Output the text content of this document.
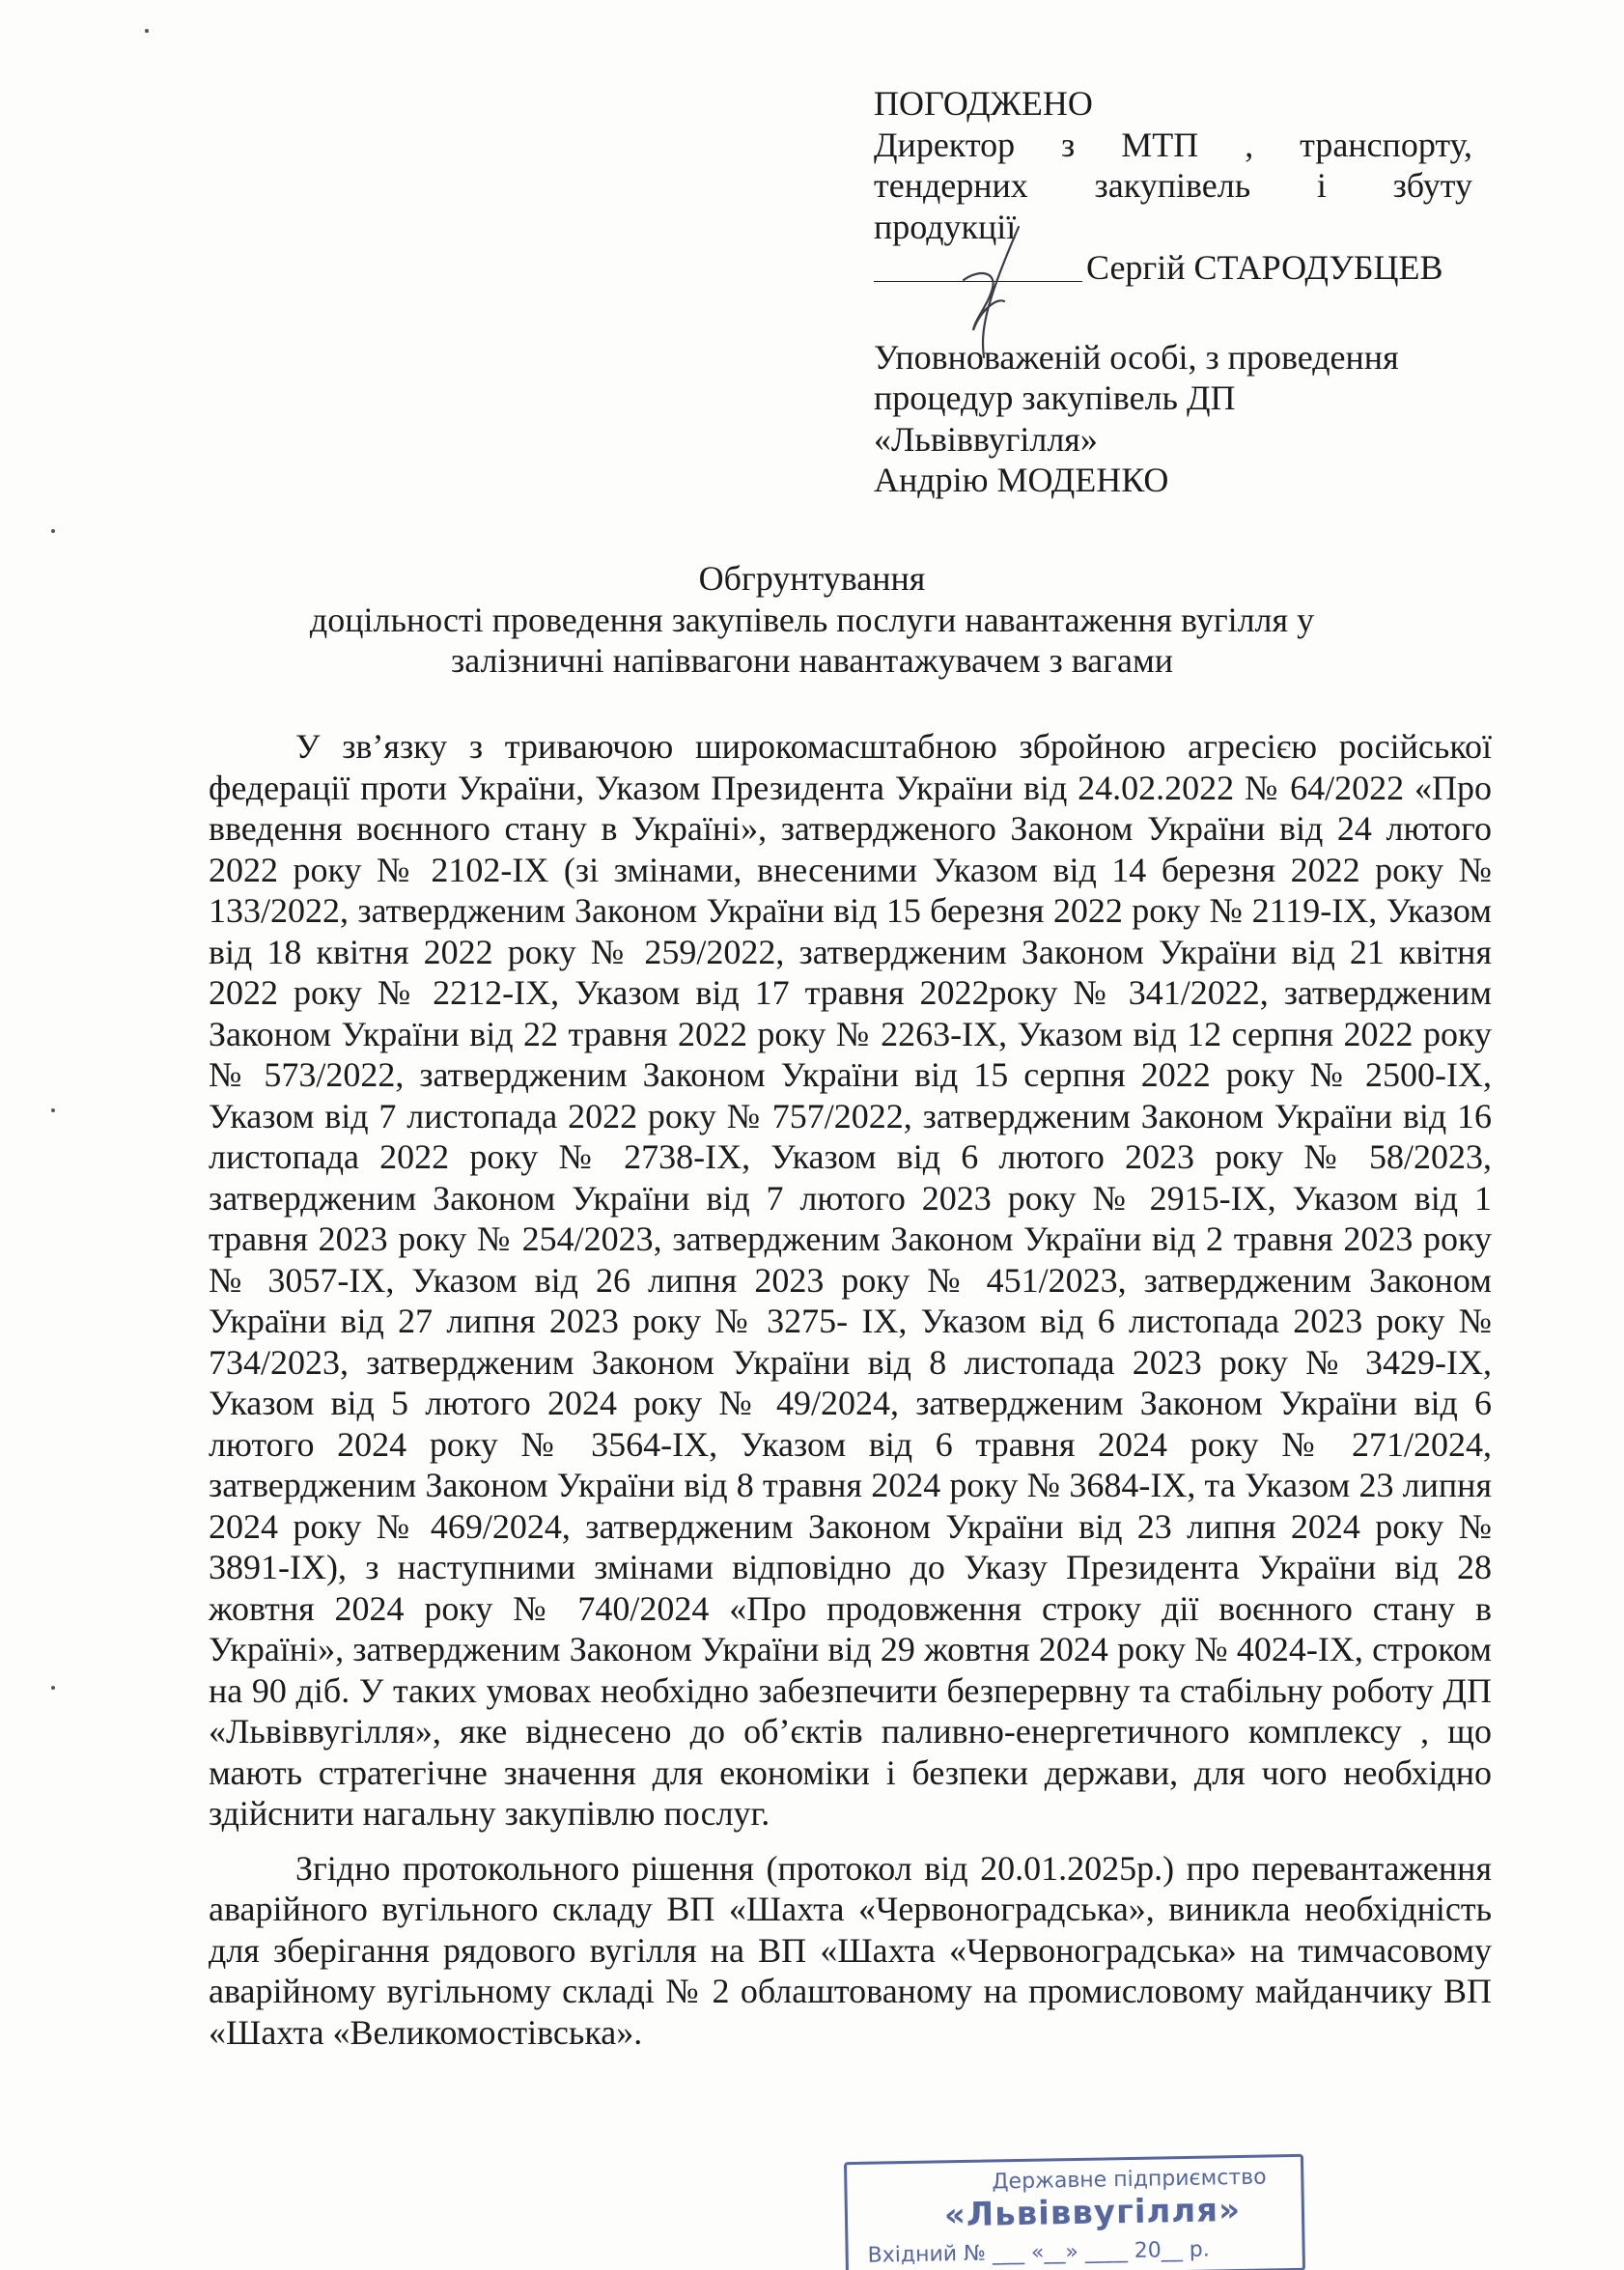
ПОГОДЖЕНО
Директор з МТП , транспорту,
тендерних закупівель і збуту
продукції
Сергій СТАРОДУБЦЕВ
Уповноваженій особі, з проведення
процедур закупівель ДП
«Львіввугілля»
Андрію МОДЕНКО
Обгрунтування
доцільності проведення закупівель послуги навантаження вугілля у
залізничні напіввагони навантажувачем з вагами

У зв’язку з триваючою широкомасштабною збройною агресією російської федерації проти України, Указом Президента України від 24.02.2022 № 64/2022 «Про введення воєнного стану в Україні», затвердженого Законом України від 24 лютого 2022 року № 2102-IX (зі змінами, внесеними Указом від 14 березня 2022 року № 133/2022, затвердженим Законом України від 15 березня 2022 року № 2119-IX, Указом від 18 квітня 2022 року № 259/2022, затвердженим Законом України від 21 квітня 2022 року № 2212-IX, Указом від 17 травня 2022року № 341/2022, затвердженим Законом України від 22 травня 2022 року № 2263-IX, Указом від 12 серпня 2022 року № 573/2022, затвердженим Законом України від 15 серпня 2022 року № 2500-IX, Указом від 7 листопада 2022 року № 757/2022, затвердженим Законом України від 16 листопада 2022 року № 2738-IX, Указом від 6 лютого 2023 року № 58/2023, затвердженим Законом України від 7 лютого 2023 року № 2915-IX, Указом від 1 травня 2023 року № 254/2023, затвердженим Законом України від 2 травня 2023 року № 3057-IX, Указом від 26 липня 2023 року № 451/2023, затвердженим Законом України від 27 липня 2023 року № 3275- IX, Указом від 6 листопада 2023 року № 734/2023, затвердженим Законом України від 8 листопада 2023 року № 3429-IX, Указом від 5 лютого 2024 року № 49/2024, затвердженим Законом України від 6 лютого 2024 року № 3564-IX, Указом від 6 травня 2024 року № 271/2024, затвердженим Законом України від 8 травня 2024 року № 3684-IX, та Указом 23 липня 2024 року № 469/2024, затвердженим Законом України від 23 липня 2024 року № 3891-IX), з наступними змінами відповідно до Указу Президента України від 28 жовтня 2024 року № 740/2024 «Про продовження строку дії воєнного стану в Україні», затвердженим Законом України від 29 жовтня 2024 року № 4024-IX, строком на 90 діб. У таких умовах необхідно забезпечити безперервну та стабільну роботу ДП «Львіввугілля», яке віднесено до об’єктів паливно-енергетичного комплексу , що мають стратегічне значення для економіки і безпеки держави, для чого необхідно здійснити нагальну закупівлю послуг.

Згідно протокольного рішення (протокол від 20.01.2025р.) про перевантаження аварійного вугільного складу ВП «Шахта «Червоноградська», виникла необхідність для зберігання рядового вугілля на ВП «Шахта «Червоноградська» на тимчасовому аварійному вугільному складі № 2 облаштованому на промисловому майданчику ВП «Шахта «Великомостівська».

Державне підприємство
«Львіввугілля»
Вхідний № ___ «__» ____ 20__ р.
